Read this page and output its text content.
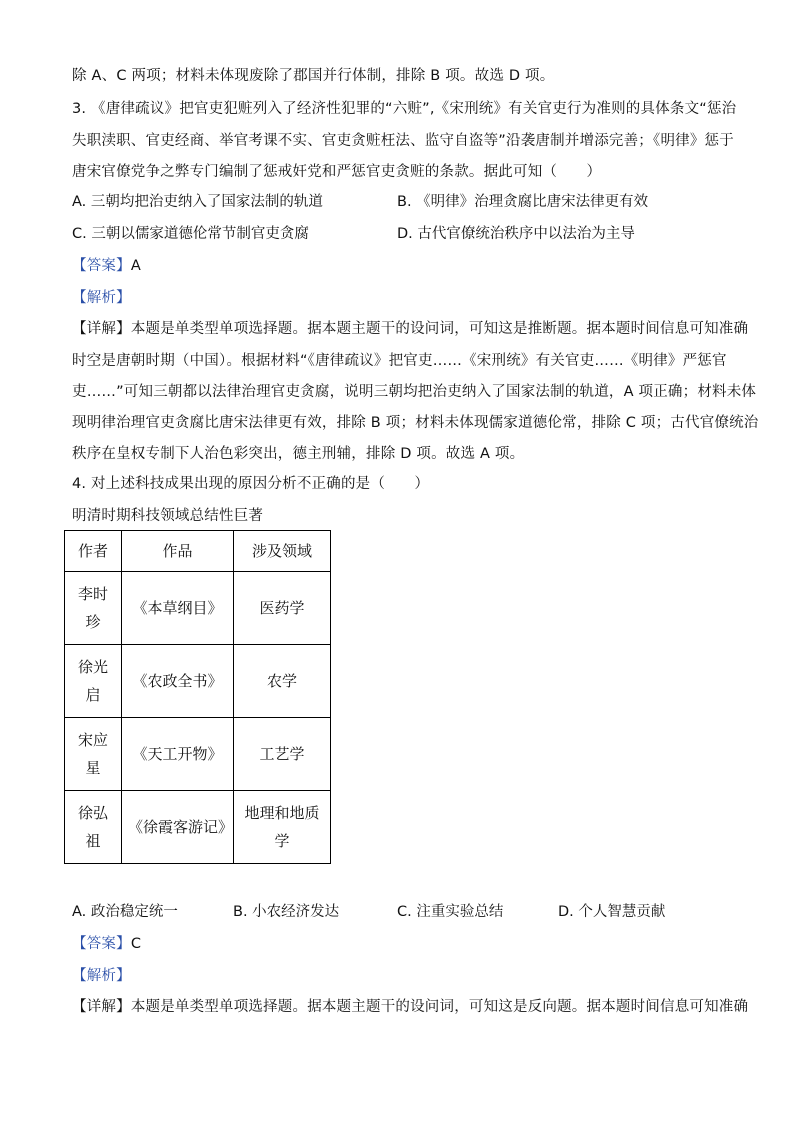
除 A、C 两项；材料未体现废除了郡国并行体制，排除 B 项。故选 D 项。
3. 《唐律疏议》把官吏犯赃列入了经济性犯罪的“六赃”,《宋刑统》有关官吏行为准则的具体条文“惩治
失职渎职、官吏经商、举官考课不实、官吏贪赃枉法、监守自盗等”沿袭唐制并增添完善；《明律》惩于
唐宋官僚党争之弊专门编制了惩戒奸党和严惩官吏贪赃的条款。据此可知（　　）
A. 三朝均把治吏纳入了国家法制的轨道	B. 《明律》治理贪腐比唐宋法律更有效
C. 三朝以儒家道德伦常节制官吏贪腐	D. 古代官僚统治秩序中以法治为主导
【答案】A
【解析】
【详解】本题是单类型单项选择题。据本题主题干的设问词，可知这是推断题。据本题时间信息可知准确
时空是唐朝时期（中国）。根据材料“《唐律疏议》把官吏……《宋刑统》有关官吏……《明律》严惩官
吏……”可知三朝都以法律治理官吏贪腐，说明三朝均把治吏纳入了国家法制的轨道，A 项正确；材料未体
现明律治理官吏贪腐比唐宋法律更有效，排除 B 项；材料未体现儒家道德伦常，排除 C 项；古代官僚统治
秩序在皇权专制下人治色彩突出，德主刑辅，排除 D 项。故选 A 项。
4. 对上述科技成果出现的原因分析不正确的是（　　）
明清时期科技领域总结性巨著
作者	作品	涉及领域
李时
珍	《本草纲目》	医药学
徐光
启	《农政全书》	农学
宋应
星	《天工开物》	工艺学
徐弘
祖	《徐霞客游记》	地理和地质
学
A. 政治稳定统一	B. 小农经济发达	C. 注重实验总结	D. 个人智慧贡献
【答案】C
【解析】
【详解】本题是单类型单项选择题。据本题主题干的设问词，可知这是反向题。据本题时间信息可知准确
